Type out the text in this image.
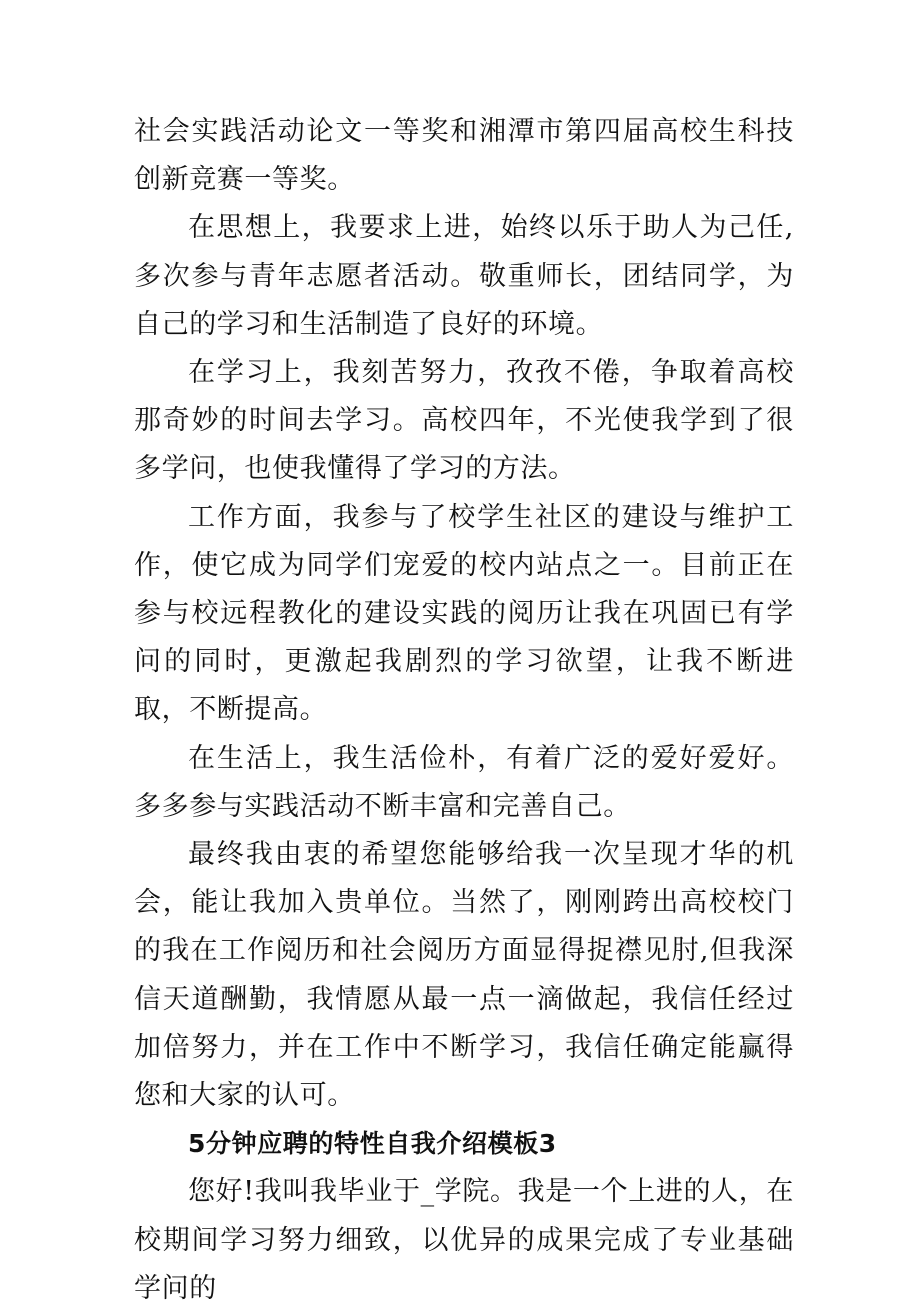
社会实践活动论文一等奖和湘潭市第四届高校生科技创新竞赛一等奖。

在思想上，我要求上进，始终以乐于助人为己任,多次参与青年志愿者活动。敬重师长，团结同学，为自己的学习和生活制造了良好的环境。

在学习上，我刻苦努力，孜孜不倦，争取着高校那奇妙的时间去学习。高校四年，不光使我学到了很多学问，也使我懂得了学习的方法。

工作方面，我参与了校学生社区的建设与维护工作，使它成为同学们宠爱的校内站点之一。目前正在参与校远程教化的建设实践的阅历让我在巩固已有学问的同时，更激起我剧烈的学习欲望，让我不断进取，不断提高。

在生活上，我生活俭朴，有着广泛的爱好爱好。多多参与实践活动不断丰富和完善自己。

最终我由衷的希望您能够给我一次呈现才华的机会，能让我加入贵单位。当然了，刚刚跨出高校校门的我在工作阅历和社会阅历方面显得捉襟见肘,但我深信天道酬勤，我情愿从最一点一滴做起，我信任经过加倍努力，并在工作中不断学习，我信任确定能赢得您和大家的认可。

5分钟应聘的特性自我介绍模板3

您好!我叫我毕业于_学院。我是一个上进的人，在校期间学习努力细致，以优异的成果完成了专业基础学问的
